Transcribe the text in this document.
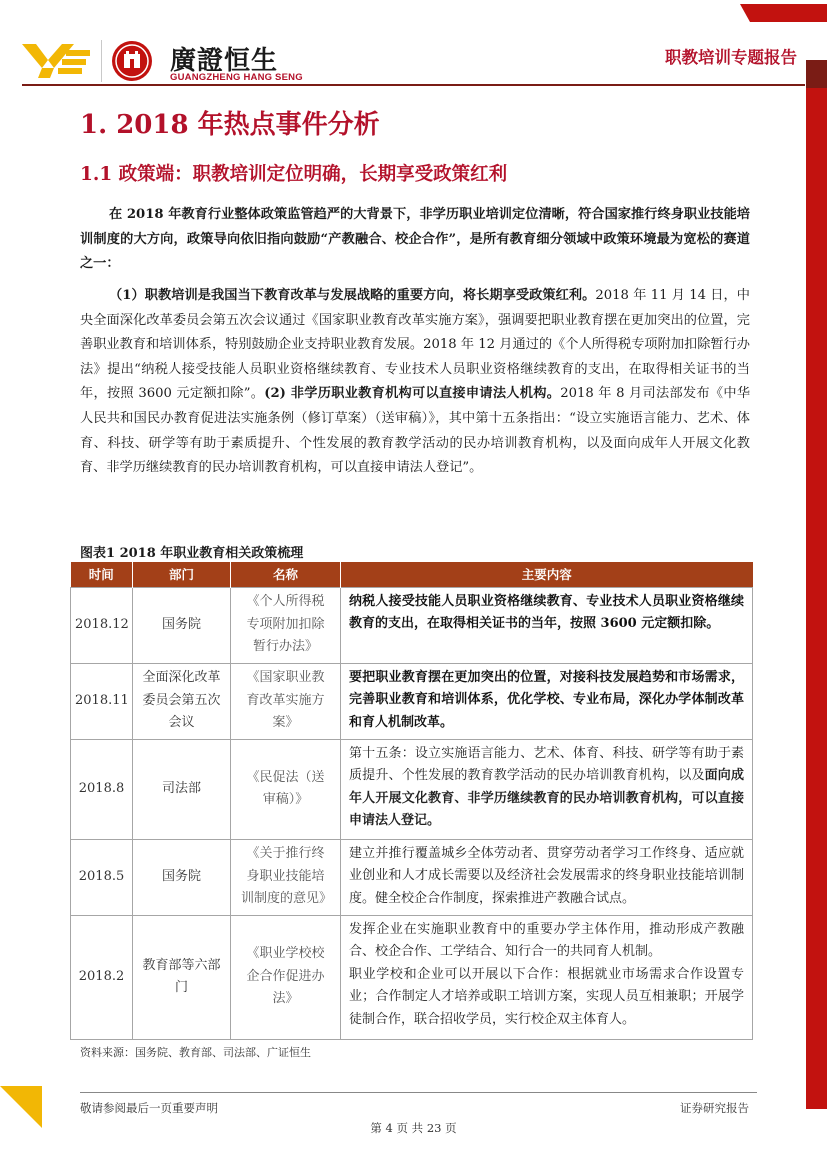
廣證恒生
GUANGZHENG HANG SENG
职教培训专题报告
1. 2018 年热点事件分析
1.1 政策端：职教培训定位明确，长期享受政策红利
在 2018 年教育行业整体政策监管趋严的大背景下，非学历职业培训定位清晰，符合国家推行终身职业技能培训制度的大方向，政策导向依旧指向鼓励“产教融合、校企合作”，是所有教育细分领域中政策环境最为宽松的赛道之一：
（1）职教培训是我国当下教育改革与发展战略的重要方向，将长期享受政策红利。2018 年 11 月 14 日，中央全面深化改革委员会第五次会议通过《国家职业教育改革实施方案》，强调要把职业教育摆在更加突出的位置，完善职业教育和培训体系，特别鼓励企业支持职业教育发展。2018 年 12 月通过的《个人所得税专项附加扣除暂行办法》提出“纳税人接受技能人员职业资格继续教育、专业技术人员职业资格继续教育的支出，在取得相关证书的当年，按照 3600 元定额扣除”。(2) 非学历职业教育机构可以直接申请法人机构。2018 年 8 月司法部发布《中华人民共和国民办教育促进法实施条例（修订草案）（送审稿）》，其中第十五条指出：“设立实施语言能力、艺术、体育、科技、研学等有助于素质提升、个性发展的教育教学活动的民办培训教育机构，以及面向成年人开展文化教育、非学历继续教育的民办培训教育机构，可以直接申请法人登记”。
图表1 2018 年职业教育相关政策梳理
时间	部门	名称	主要内容
2018.12	国务院	《个人所得税专项附加扣除暂行办法》	纳税人接受技能人员职业资格继续教育、专业技术人员职业资格继续教育的支出，在取得相关证书的当年，按照 3600 元定额扣除。
2018.11	全面深化改革委员会第五次会议	《国家职业教育改革实施方案》	要把职业教育摆在更加突出的位置，对接科技发展趋势和市场需求，完善职业教育和培训体系，优化学校、专业布局，深化办学体制改革和育人机制改革。
2018.8	司法部	《民促法（送审稿）》	第十五条：设立实施语言能力、艺术、体育、科技、研学等有助于素质提升、个性发展的教育教学活动的民办培训教育机构，以及面向成年人开展文化教育、非学历继续教育的民办培训教育机构，可以直接申请法人登记。
2018.5	国务院	《关于推行终身职业技能培训制度的意见》	建立并推行覆盖城乡全体劳动者、贯穿劳动者学习工作终身、适应就业创业和人才成长需要以及经济社会发展需求的终身职业技能培训制度。健全校企合作制度，探索推进产教融合试点。
2018.2	教育部等六部门	《职业学校校企合作促进办法》	发挥企业在实施职业教育中的重要办学主体作用，推动形成产教融合、校企合作、工学结合、知行合一的共同育人机制。
职业学校和企业可以开展以下合作：根据就业市场需求合作设置专业；合作制定人才培养或职工培训方案，实现人员互相兼职；开展学徒制合作，联合招收学员，实行校企双主体育人。
资料来源：国务院、教育部、司法部、广证恒生
敬请参阅最后一页重要声明	证券研究报告
第 4 页 共 23 页
